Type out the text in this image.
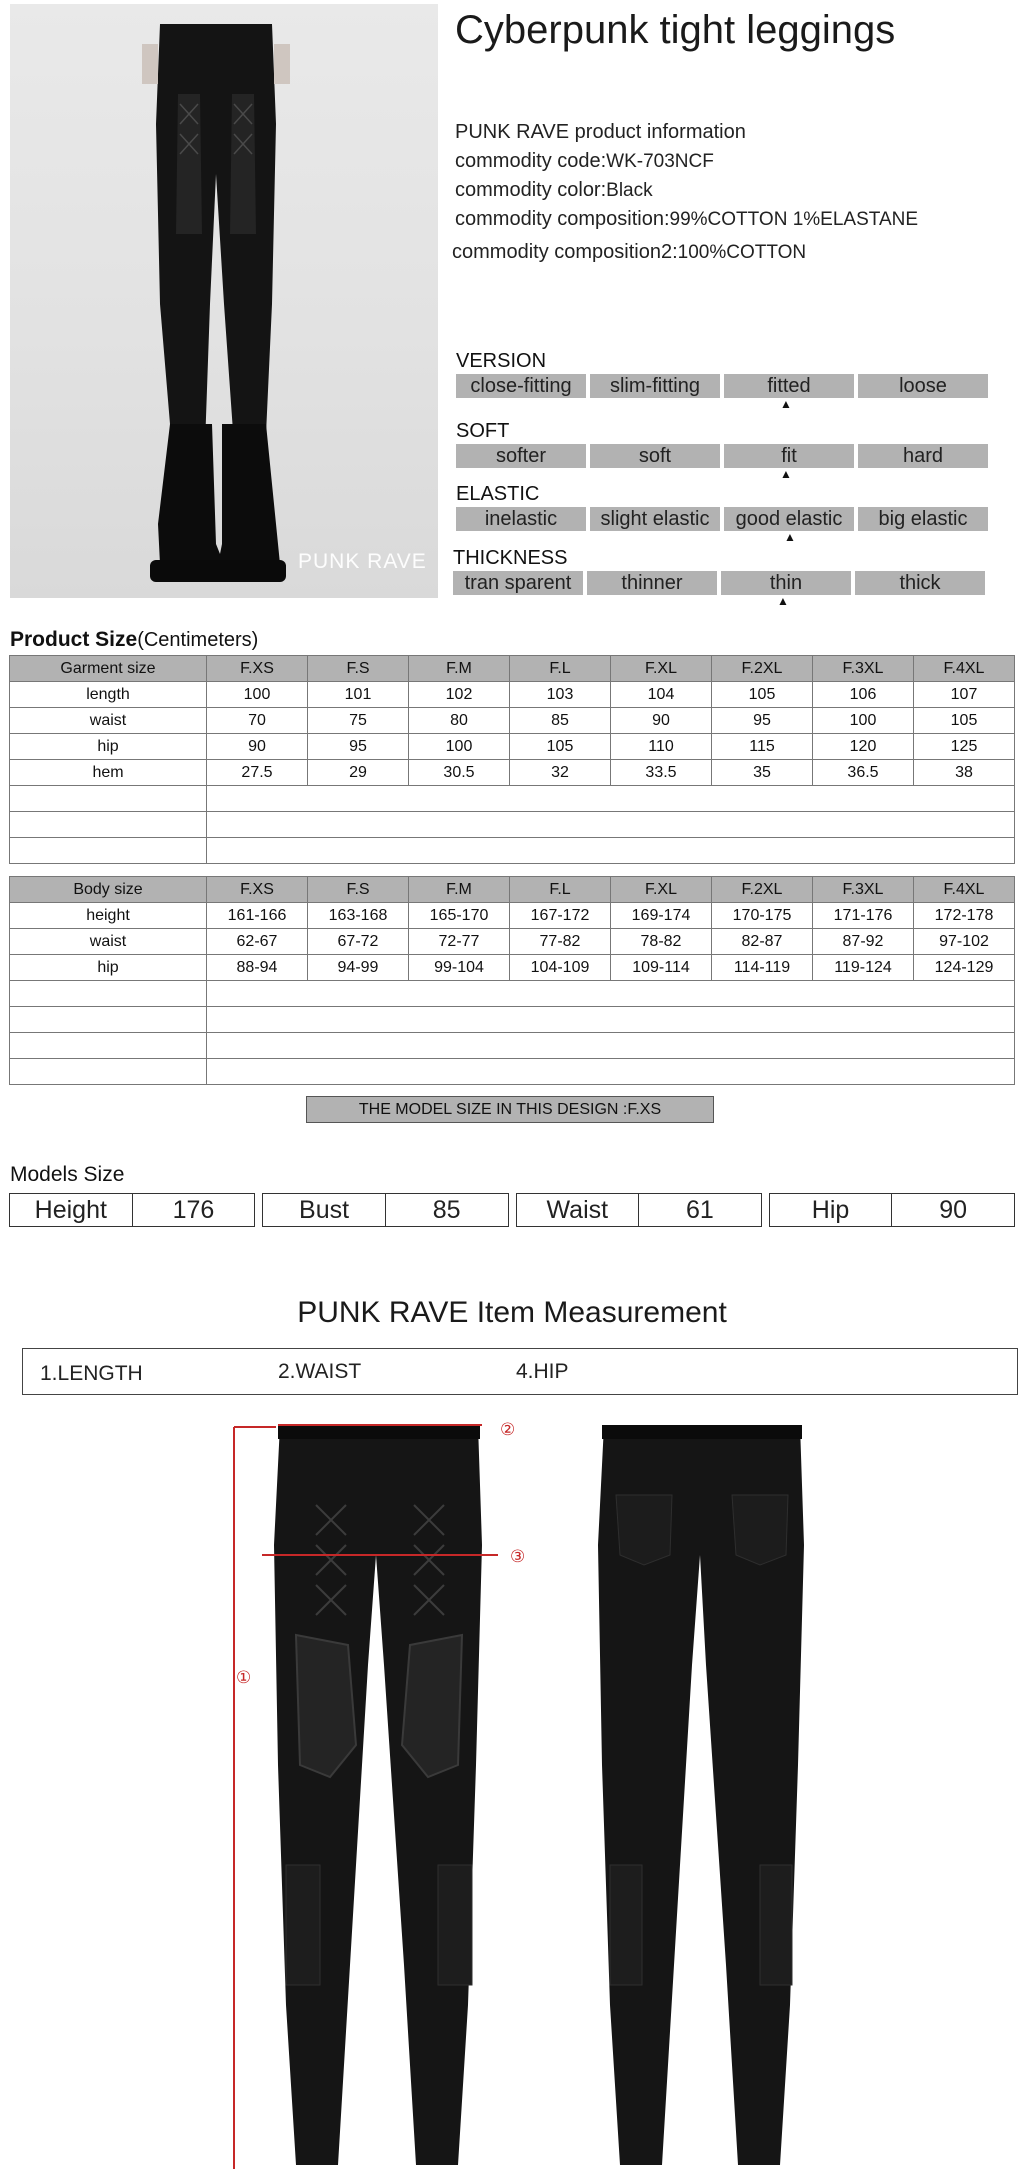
PUNK RAVE
Cyberpunk tight leggings
PUNK RAVE product information
commodity code:WK-703NCF
commodity color:Black
commodity composition:99%COTTON 1%ELASTANE
commodity composition2:100%COTTON
VERSION
close-fitting	slim-fitting	fitted	loose
▲
SOFT
softer	soft	fit	hard
▲
ELASTIC
inelastic	slight elastic	good elastic	big elastic
▲
THICKNESS
tran sparent	thinner	thin	thick
▲
Product Size(Centimeters)
Garment size	F.XS	F.S	F.M	F.L	F.XL	F.2XL	F.3XL	F.4XL
length	100	101	102	103	104	105	106	107
waist	70	75	80	85	90	95	100	105
hip	90	95	100	105	110	115	120	125
hem	27.5	29	30.5	32	33.5	35	36.5	38

Body size	F.XS	F.S	F.M	F.L	F.XL	F.2XL	F.3XL	F.4XL
height	161-166	163-168	165-170	167-172	169-174	170-175	171-176	172-178
waist	62-67	67-72	72-77	77-82	78-82	82-87	87-92	97-102
hip	88-94	94-99	99-104	104-109	109-114	114-119	119-124	124-129

THE MODEL SIZE IN THIS DESIGN :F.XS
Models Size
Height	176		Bust	85		Waist	61		Hip	90
PUNK RAVE Item Measurement
1.LENGTH	2.WAIST	4.HIP
②
③
①
